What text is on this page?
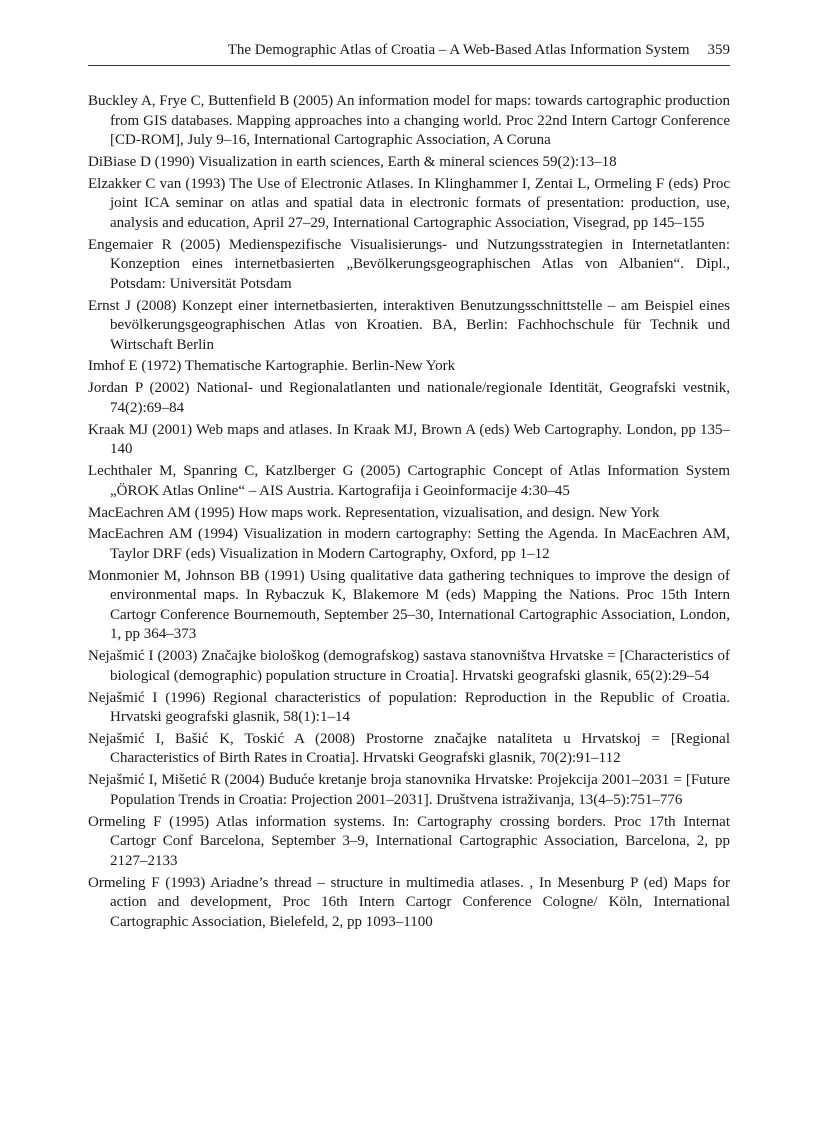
The Demographic Atlas of Croatia – A Web-Based Atlas Information System 359
Buckley A, Frye C, Buttenfield B (2005) An information model for maps: towards cartographic production from GIS databases. Mapping approaches into a changing world. Proc 22nd Intern Cartogr Conference [CD-ROM], July 9–16, International Cartographic Association, A Coruna
DiBiase D (1990) Visualization in earth sciences, Earth & mineral sciences 59(2):13–18
Elzakker C van (1993) The Use of Electronic Atlases. In Klinghammer I, Zentai L, Ormeling F (eds) Proc joint ICA seminar on atlas and spatial data in electronic formats of presentation: production, use, analysis and education, April 27–29, International Cartographic Association, Visegrad, pp 145–155
Engemaier R (2005) Medienspezifische Visualisierungs- und Nutzungsstrategien in Internetatlanten: Konzeption eines internetbasierten „Bevölkerungsgeographischen Atlas von Albanien“. Dipl., Potsdam: Universität Potsdam
Ernst J (2008) Konzept einer internetbasierten, interaktiven Benutzungsschnittstelle – am Beispiel eines bevölkerungsgeographischen Atlas von Kroatien. BA, Berlin: Fachhochschule für Technik und Wirtschaft Berlin
Imhof E (1972) Thematische Kartographie. Berlin-New York
Jordan P (2002) National- und Regionalatlanten und nationale/regionale Identität, Geografski vestnik, 74(2):69–84
Kraak MJ (2001) Web maps and atlases. In Kraak MJ, Brown A (eds) Web Cartography. London, pp 135–140
Lechthaler M, Spanring C, Katzlberger G (2005) Cartographic Concept of Atlas Information System „ÖROK Atlas Online“ – AIS Austria. Kartografija i Geoinformacije 4:30–45
MacEachren AM (1995) How maps work. Representation, vizualisation, and design. New York
MacEachren AM (1994) Visualization in modern cartography: Setting the Agenda. In MacEachren AM, Taylor DRF (eds) Visualization in Modern Cartography, Oxford, pp 1–12
Monmonier M, Johnson BB (1991) Using qualitative data gathering techniques to improve the design of environmental maps. In Rybaczuk K, Blakemore M (eds) Mapping the Nations. Proc 15th Intern Cartogr Conference Bournemouth, September 25–30, International Cartographic Association, London, 1, pp 364–373
Nejašmić I (2003) Značajke biološkog (demografskog) sastava stanovništva Hrvatske = [Characteristics of biological (demographic) population structure in Croatia]. Hrvatski geografski glasnik, 65(2):29–54
Nejašmić I (1996) Regional characteristics of population: Reproduction in the Republic of Croatia. Hrvatski geografski glasnik, 58(1):1–14
Nejašmić I, Bašić K, Toskić A (2008) Prostorne značajke nataliteta u Hrvatskoj = [Regional Characteristics of Birth Rates in Croatia]. Hrvatski Geografski glasnik, 70(2):91–112
Nejašmić I, Mišetić R (2004) Buduće kretanje broja stanovnika Hrvatske: Projekcija 2001–2031 = [Future Population Trends in Croatia: Projection 2001–2031]. Društvena istraživanja, 13(4–5):751–776
Ormeling F (1995) Atlas information systems. In: Cartography crossing borders. Proc 17th Internat Cartogr Conf Barcelona, September 3–9, International Cartographic Association, Barcelona, 2, pp 2127–2133
Ormeling F (1993) Ariadne’s thread – structure in multimedia atlases. , In Mesenburg P (ed) Maps for action and development, Proc 16th Intern Cartogr Conference Cologne/ Köln, International Cartographic Association, Bielefeld, 2, pp 1093–1100
